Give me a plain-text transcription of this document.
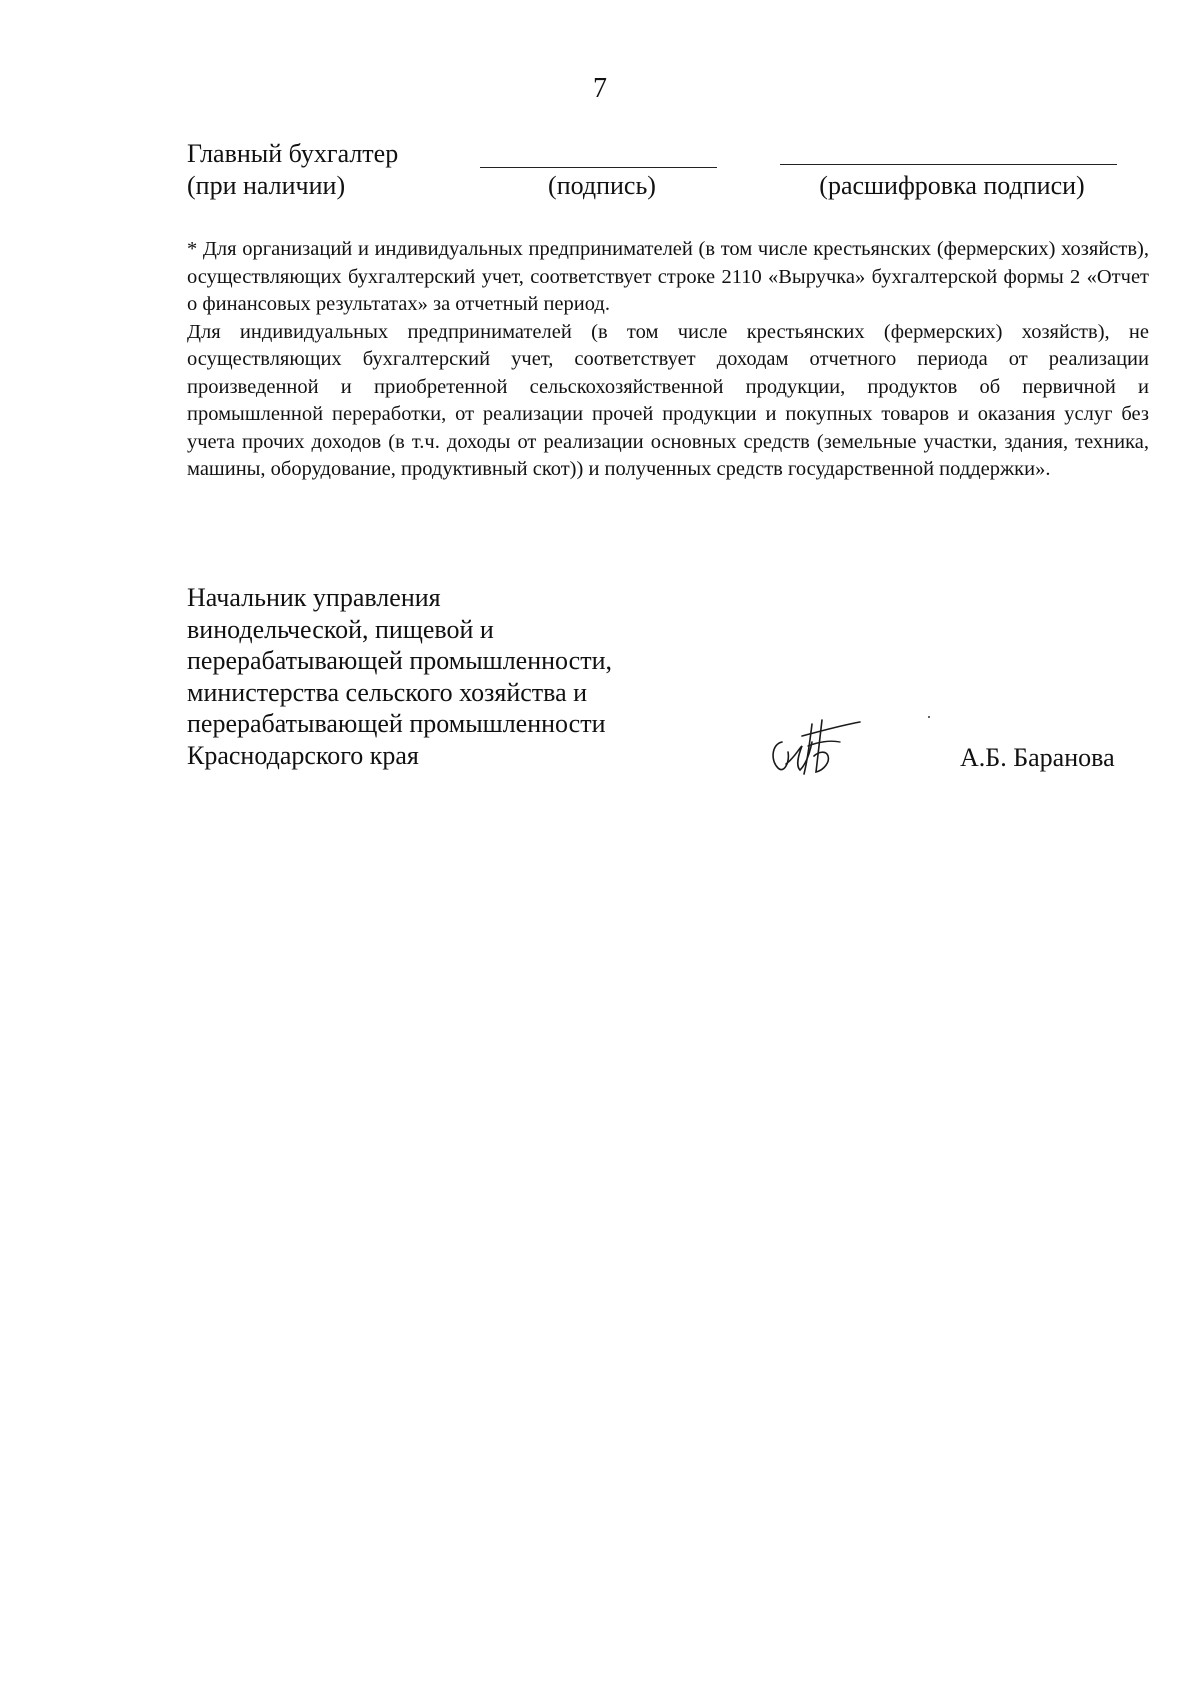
7
Главный бухгалтер
(при наличии)	(подпись)	(расшифровка подписи)

* Для организаций и индивидуальных предпринимателей (в том числе крестьянских (фермерских) хозяйств), осуществляющих бухгалтерский учет, соответствует строке 2110 «Выручка» бухгалтерской формы 2 «Отчет о финансовых результатах» за отчетный период.

Для индивидуальных предпринимателей (в том числе крестьянских (фермерских) хозяйств), не осуществляющих бухгалтерский учет, соответствует доходам отчетного периода от реализации произведенной и приобретенной сельскохозяйственной продукции, продуктов об первичной и промышленной переработки, от реализации прочей продукции и покупных товаров и оказания услуг без учета прочих доходов (в т.ч. доходы от реализации основных средств (земельные участки, здания, техника, машины, оборудование, продуктивный скот)) и полученных средств государственной поддержки».

Начальник управления
винодельческой, пищевой и
перерабатывающей промышленности,
министерства сельского хозяйства и
перерабатывающей промышленности
Краснодарского края	А.Б. Баранова
